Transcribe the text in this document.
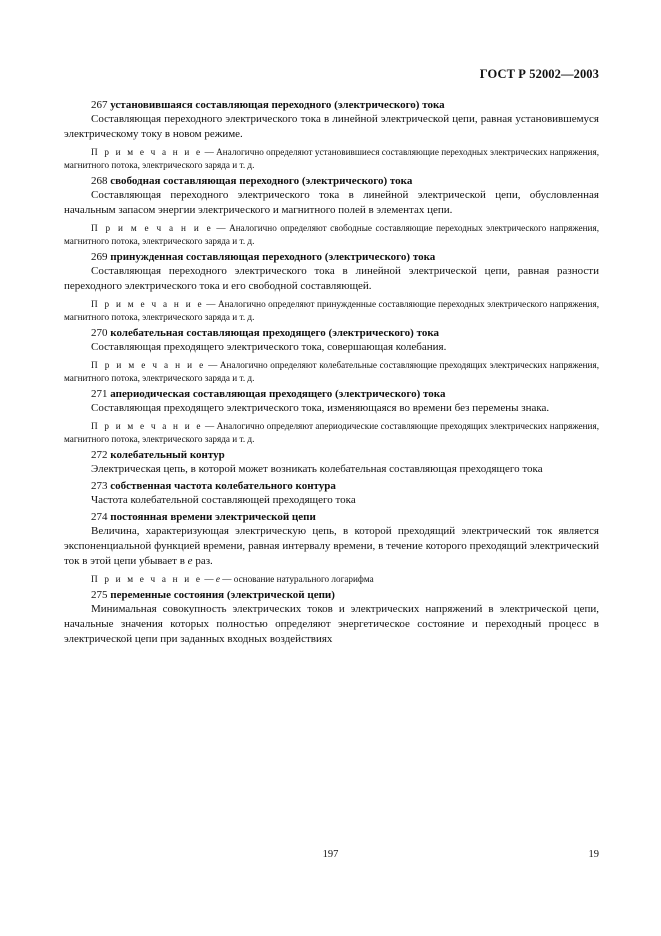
ГОСТ Р 52002—2003
267 установившаяся составляющая переходного (электрического) тока

Составляющая переходного электрического тока в линейной электрической цепи, равная установившемуся электрическому току в новом режиме.

П р и м е ч а н и е — Аналогично определяют установившиеся составляющие переходных электрических напряжения, магнитного потока, электрического заряда и т. д.

268 свободная составляющая переходного (электрического) тока

Составляющая переходного электрического тока в линейной электрической цепи, обусловленная начальным запасом энергии электрического и магнитного полей в элементах цепи.

П р и м е ч а н и е — Аналогично определяют свободные составляющие переходных электрического напряжения, магнитного потока, электрического заряда и т. д.

269 принужденная составляющая переходного (электрического) тока

Составляющая переходного электрического тока в линейной электрической цепи, равная разности переходного электрического тока и его свободной составляющей.

П р и м е ч а н и е — Аналогично определяют принужденные составляющие переходных электрического напряжения, магнитного потока, электрического заряда и т. д.

270 колебательная составляющая преходящего (электрического) тока

Составляющая преходящего электрического тока, совершающая колебания.

П р и м е ч а н и е — Аналогично определяют колебательные составляющие преходящих электрических напряжения, магнитного потока, электрического заряда и т. д.

271 апериодическая составляющая преходящего (электрического) тока

Составляющая преходящего электрического тока, изменяющаяся во времени без перемены знака.

П р и м е ч а н и е — Аналогично определяют апериодические составляющие преходящих электрических напряжения, магнитного потока, электрического заряда и т. д.

272 колебательный контур

Электрическая цепь, в которой может возникать колебательная составляющая преходящего тока

273 собственная частота колебательного контура

Частота колебательной составляющей преходящего тока

274 постоянная времени электрической цепи

Величина, характеризующая электрическую цепь, в которой преходящий электрический ток является экспоненциальной функцией времени, равная интервалу времени, в течение которого преходящий электрический ток в этой цепи убывает в e раз.

П р и м е ч а н и е — e — основание натурального логарифма

275 переменные состояния (электрической цепи)

Минимальная совокупность электрических токов и электрических напряжений в электрической цепи, начальные значения которых полностью определяют энергетическое состояние и переходный процесс в электрической цепи при заданных входных воздействиях

197	19
